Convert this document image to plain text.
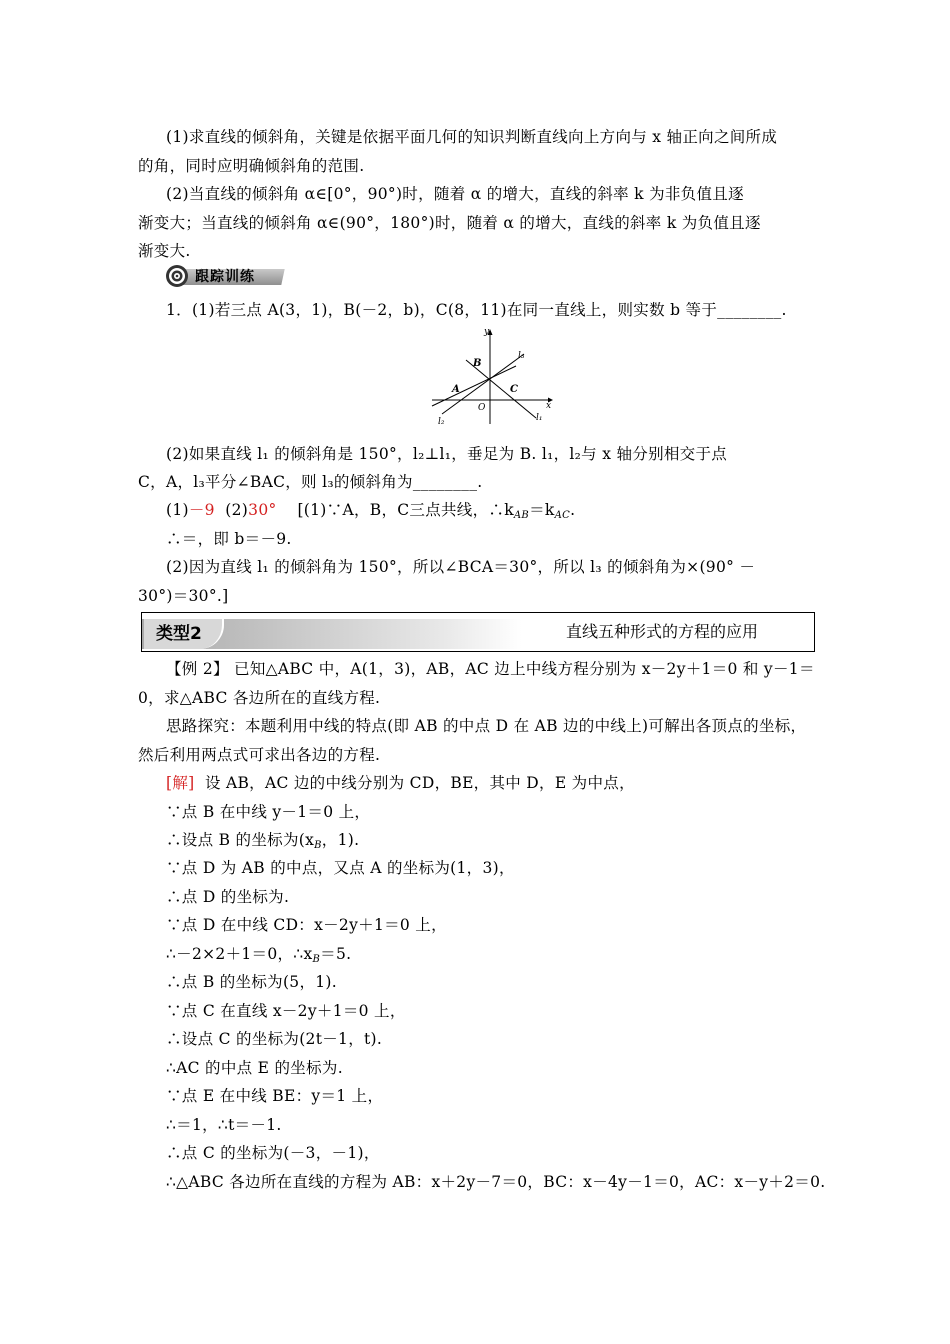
(1)求直线的倾斜角，关键是依据平面几何的知识判断直线向上方向与 x 轴正向之间所成
的角，同时应明确倾斜角的范围.
(2)当直线的倾斜角 α∈[0°，90°)时，随着 α 的增大，直线的斜率 k 为非负值且逐
渐变大；当直线的倾斜角 α∈(90°，180°)时，随着 α 的增大，直线的斜率 k 为负值且逐
渐变大.
跟踪训练
1．(1)若三点 A(3，1)，B(－2，b)，C(8，11)在同一直线上，则实数 b 等于________.
y
x
O
A
B
C
l₁
l₂
l₃
(2)如果直线 l₁ 的倾斜角是 150°，l₂⊥l₁，垂足为 B. l₁，l₂与 x 轴分别相交于点
C，A，l₃平分∠BAC，则 l₃的倾斜角为________.
(1)－9 (2)30° [(1)∵A，B，C三点共线，$\therefore k_{AB}=k_{AC}$.
∴＝，即 b＝－9.
(2)因为直线 l₁ 的倾斜角为 150°，所以∠BCA＝30°，所以 l₃ 的倾斜角为×(90° －
30°)＝30°.]
类型2	直线五种形式的方程的应用
【例 2】 已知△ABC 中，A(1，3)，AB，AC 边上中线方程分别为 x－2y＋1＝0 和 y－1＝
0，求△ABC 各边所在的直线方程.
思路探究：本题利用中线的特点(即 AB 的中点 D 在 AB 边的中线上)可解出各顶点的坐标，
然后利用两点式可求出各边的方程.
[解] 设 AB，AC 边的中线分别为 CD，BE，其中 D，E 为中点，
∵点 B 在中线 y－1＝0 上，
∴设点 B 的坐标为($x_B$，1).
∵点 D 为 AB 的中点，又点 A 的坐标为(1，3)，
∴点 D 的坐标为.
∵点 D 在中线 CD：x－2y＋1＝0 上，
∴－2×2＋1＝0，$\therefore x_B=5$.
∴点 B 的坐标为(5，1).
∵点 C 在直线 x－2y＋1＝0 上，
∴设点 C 的坐标为(2t－1，t).
∴AC 的中点 E 的坐标为.
∵点 E 在中线 BE：y＝1 上，
∴＝1，∴t＝－1.
∴点 C 的坐标为(－3，－1)，
∴△ABC 各边所在直线的方程为 AB：x＋2y－7＝0，BC：x－4y－1＝0，AC：x－y＋2＝0.
